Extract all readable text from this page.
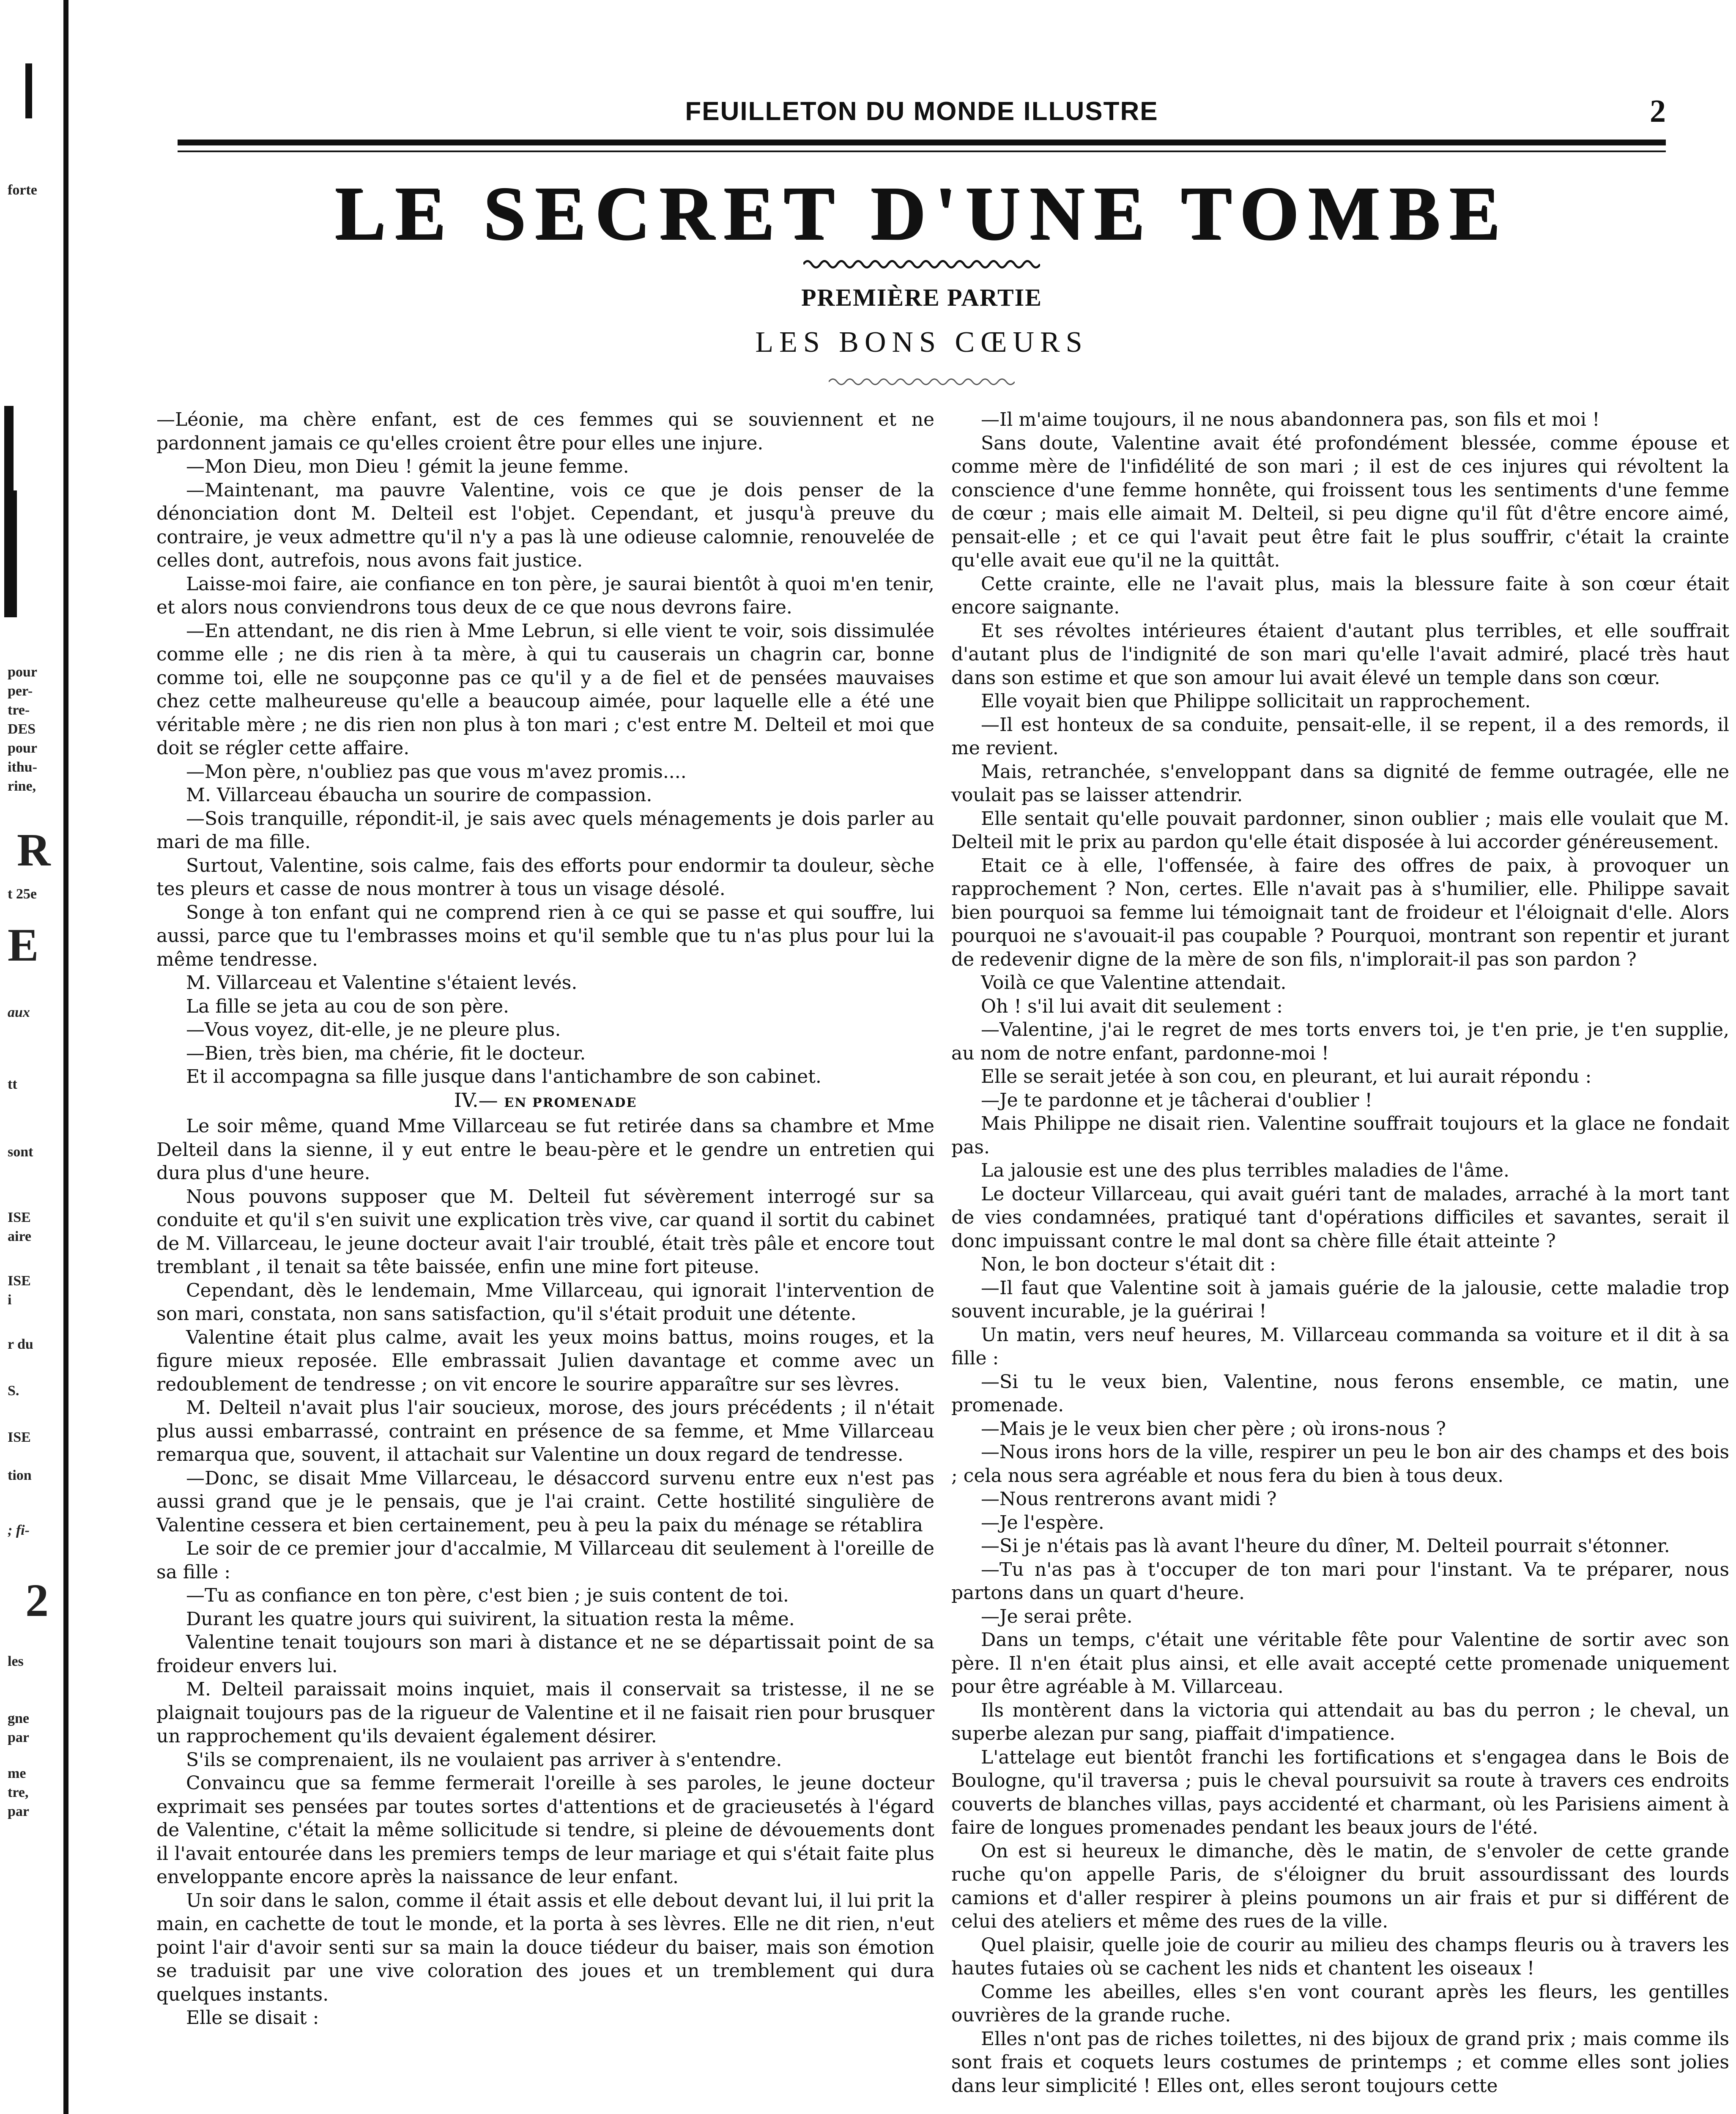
forte
pour
per-
tre-
DES
pour
ithu-
rine,
R
t 25e
E
aux
tt
sont
ISE
aire
ISE
i
r du
S.
ISE
tion
; fi-
2
les
gne
par
me
tre,
par
FEUILLETON DU MONDE ILLUSTRE	2
LE SECRET D'UNE TOMBE
PREMIÈRE PARTIE
LES BONS CŒURS

—Léonie, ma chère enfant, est de ces femmes qui se souviennent et ne pardonnent jamais ce qu'elles croient être pour elles une injure.

—Mon Dieu, mon Dieu ! gémit la jeune femme.

—Maintenant, ma pauvre Valentine, vois ce que je dois penser de la dénonciation dont M. Delteil est l'objet. Cependant, et jusqu'à preuve du contraire, je veux admettre qu'il n'y a pas là une odieuse calomnie, renouvelée de celles dont, autrefois, nous avons fait justice.

Laisse-moi faire, aie confiance en ton père, je saurai bientôt à quoi m'en tenir, et alors nous conviendrons tous deux de ce que nous devrons faire.

—En attendant, ne dis rien à Mme Lebrun, si elle vient te voir, sois dissimulée comme elle ; ne dis rien à ta mère, à qui tu causerais un chagrin car, bonne comme toi, elle ne soupçonne pas ce qu'il y a de fiel et de pensées mauvaises chez cette malheureuse qu'elle a beaucoup aimée, pour laquelle elle a été une véritable mère ; ne dis rien non plus à ton mari ; c'est entre M. Delteil et moi que doit se régler cette affaire.

—Mon père, n'oubliez pas que vous m'avez promis....

M. Villarceau ébaucha un sourire de compassion.

—Sois tranquille, répondit-il, je sais avec quels ménagements je dois parler au mari de ma fille.

Surtout, Valentine, sois calme, fais des efforts pour endormir ta douleur, sèche tes pleurs et casse de nous montrer à tous un visage désolé.

Songe à ton enfant qui ne comprend rien à ce qui se passe et qui souffre, lui aussi, parce que tu l'embrasses moins et qu'il semble que tu n'as plus pour lui la même tendresse.

M. Villarceau et Valentine s'étaient levés.

La fille se jeta au cou de son père.

—Vous voyez, dit-elle, je ne pleure plus.

—Bien, très bien, ma chérie, fit le docteur.

Et il accompagna sa fille jusque dans l'antichambre de son cabinet.

IV.— EN PROMENADE

Le soir même, quand Mme Villarceau se fut retirée dans sa chambre et Mme Delteil dans la sienne, il y eut entre le beau-père et le gendre un entretien qui dura plus d'une heure.

Nous pouvons supposer que M. Delteil fut sévèrement interrogé sur sa conduite et qu'il s'en suivit une explication très vive, car quand il sortit du cabinet de M. Villarceau, le jeune docteur avait l'air troublé, était très pâle et encore tout tremblant , il tenait sa tête baissée, enfin une mine fort piteuse.

Cependant, dès le lendemain, Mme Villarceau, qui ignorait l'intervention de son mari, constata, non sans satisfaction, qu'il s'était produit une détente.

Valentine était plus calme, avait les yeux moins battus, moins rouges, et la figure mieux reposée. Elle embrassait Julien davantage et comme avec un redoublement de tendresse ; on vit encore le sourire apparaître sur ses lèvres.

M. Delteil n'avait plus l'air soucieux, morose, des jours précédents ; il n'était plus aussi embarrassé, contraint en présence de sa femme, et Mme Villarceau remarqua que, souvent, il attachait sur Valentine un doux regard de tendresse.

—Donc, se disait Mme Villarceau, le désaccord survenu entre eux n'est pas aussi grand que je le pensais, que je l'ai craint. Cette hostilité singulière de Valentine cessera et bien certainement, peu à peu la paix du ménage se rétablira

Le soir de ce premier jour d'accalmie, M Villarceau dit seulement à l'oreille de sa fille :

—Tu as confiance en ton père, c'est bien ; je suis content de toi.

Durant les quatre jours qui suivirent, la situation resta la même.

Valentine tenait toujours son mari à distance et ne se départissait point de sa froideur envers lui.

M. Delteil paraissait moins inquiet, mais il conservait sa tristesse, il ne se plaignait toujours pas de la rigueur de Valentine et il ne faisait rien pour brusquer un rapprochement qu'ils devaient également désirer.

S'ils se comprenaient, ils ne voulaient pas arriver à s'entendre.

Convaincu que sa femme fermerait l'oreille à ses paroles, le jeune docteur exprimait ses pensées par toutes sortes d'attentions et de gracieusetés à l'égard de Valentine, c'était la même sollicitude si tendre, si pleine de dévouements dont il l'avait entourée dans les premiers temps de leur mariage et qui s'était faite plus enveloppante encore après la naissance de leur enfant.

Un soir dans le salon, comme il était assis et elle debout devant lui, il lui prit la main, en cachette de tout le monde, et la porta à ses lèvres. Elle ne dit rien, n'eut point l'air d'avoir senti sur sa main la douce tiédeur du baiser, mais son émotion se traduisit par une vive coloration des joues et un tremblement qui dura quelques instants.

Elle se disait :

—Il m'aime toujours, il ne nous abandonnera pas, son fils et moi !

Sans doute, Valentine avait été profondément blessée, comme épouse et comme mère de l'infidélité de son mari ; il est de ces injures qui révoltent la conscience d'une femme honnête, qui froissent tous les sentiments d'une femme de cœur ; mais elle aimait M. Delteil, si peu digne qu'il fût d'être encore aimé, pensait-elle ; et ce qui l'avait peut être fait le plus souffrir, c'était la crainte qu'elle avait eue qu'il ne la quittât.

Cette crainte, elle ne l'avait plus, mais la blessure faite à son cœur était encore saignante.

Et ses révoltes intérieures étaient d'autant plus terribles, et elle souffrait d'autant plus de l'indignité de son mari qu'elle l'avait admiré, placé très haut dans son estime et que son amour lui avait élevé un temple dans son cœur.

Elle voyait bien que Philippe sollicitait un rapprochement.

—Il est honteux de sa conduite, pensait-elle, il se repent, il a des remords, il me revient.

Mais, retranchée, s'enveloppant dans sa dignité de femme outragée, elle ne voulait pas se laisser attendrir.

Elle sentait qu'elle pouvait pardonner, sinon oublier ; mais elle voulait que M. Delteil mit le prix au pardon qu'elle était disposée à lui accorder généreusement.

Etait ce à elle, l'offensée, à faire des offres de paix, à provoquer un rapprochement ? Non, certes. Elle n'avait pas à s'humilier, elle. Philippe savait bien pourquoi sa femme lui témoignait tant de froideur et l'éloignait d'elle. Alors pourquoi ne s'avouait-il pas coupable ? Pourquoi, montrant son repentir et jurant de redevenir digne de la mère de son fils, n'implorait-il pas son pardon ?

Voilà ce que Valentine attendait.

Oh ! s'il lui avait dit seulement :

—Valentine, j'ai le regret de mes torts envers toi, je t'en prie, je t'en supplie, au nom de notre enfant, pardonne-moi !

Elle se serait jetée à son cou, en pleurant, et lui aurait répondu :

—Je te pardonne et je tâcherai d'oublier !

Mais Philippe ne disait rien. Valentine souffrait toujours et la glace ne fondait pas.

La jalousie est une des plus terribles maladies de l'âme.

Le docteur Villarceau, qui avait guéri tant de malades, arraché à la mort tant de vies condamnées, pratiqué tant d'opérations difficiles et savantes, serait il donc impuissant contre le mal dont sa chère fille était atteinte ?

Non, le bon docteur s'était dit :

—Il faut que Valentine soit à jamais guérie de la jalousie, cette maladie trop souvent incurable, je la guérirai !

Un matin, vers neuf heures, M. Villarceau commanda sa voiture et il dit à sa fille :

—Si tu le veux bien, Valentine, nous ferons ensemble, ce matin, une promenade.

—Mais je le veux bien cher père ; où irons-nous ?

—Nous irons hors de la ville, respirer un peu le bon air des champs et des bois ; cela nous sera agréable et nous fera du bien à tous deux.

—Nous rentrerons avant midi ?

—Je l'espère.

—Si je n'étais pas là avant l'heure du dîner, M. Delteil pourrait s'étonner.

—Tu n'as pas à t'occuper de ton mari pour l'instant. Va te préparer, nous partons dans un quart d'heure.

—Je serai prête.

Dans un temps, c'était une véritable fête pour Valentine de sortir avec son père. Il n'en était plus ainsi, et elle avait accepté cette promenade uniquement pour être agréable à M. Villarceau.

Ils montèrent dans la victoria qui attendait au bas du perron ; le cheval, un superbe alezan pur sang, piaffait d'impatience.

L'attelage eut bientôt franchi les fortifications et s'engagea dans le Bois de Boulogne, qu'il traversa ; puis le cheval poursuivit sa route à travers ces endroits couverts de blanches villas, pays accidenté et charmant, où les Parisiens aiment à faire de longues promenades pendant les beaux jours de l'été.

On est si heureux le dimanche, dès le matin, de s'envoler de cette grande ruche qu'on appelle Paris, de s'éloigner du bruit assourdissant des lourds camions et d'aller respirer à pleins poumons un air frais et pur si différent de celui des ateliers et même des rues de la ville.

Quel plaisir, quelle joie de courir au milieu des champs fleuris ou à travers les hautes futaies où se cachent les nids et chantent les oiseaux !

Comme les abeilles, elles s'en vont courant après les fleurs, les gentilles ouvrières de la grande ruche.

Elles n'ont pas de riches toilettes, ni des bijoux de grand prix ; mais comme ils sont frais et coquets leurs costumes de printemps ; et comme elles sont jolies dans leur simplicité ! Elles ont, elles seront toujours cette
